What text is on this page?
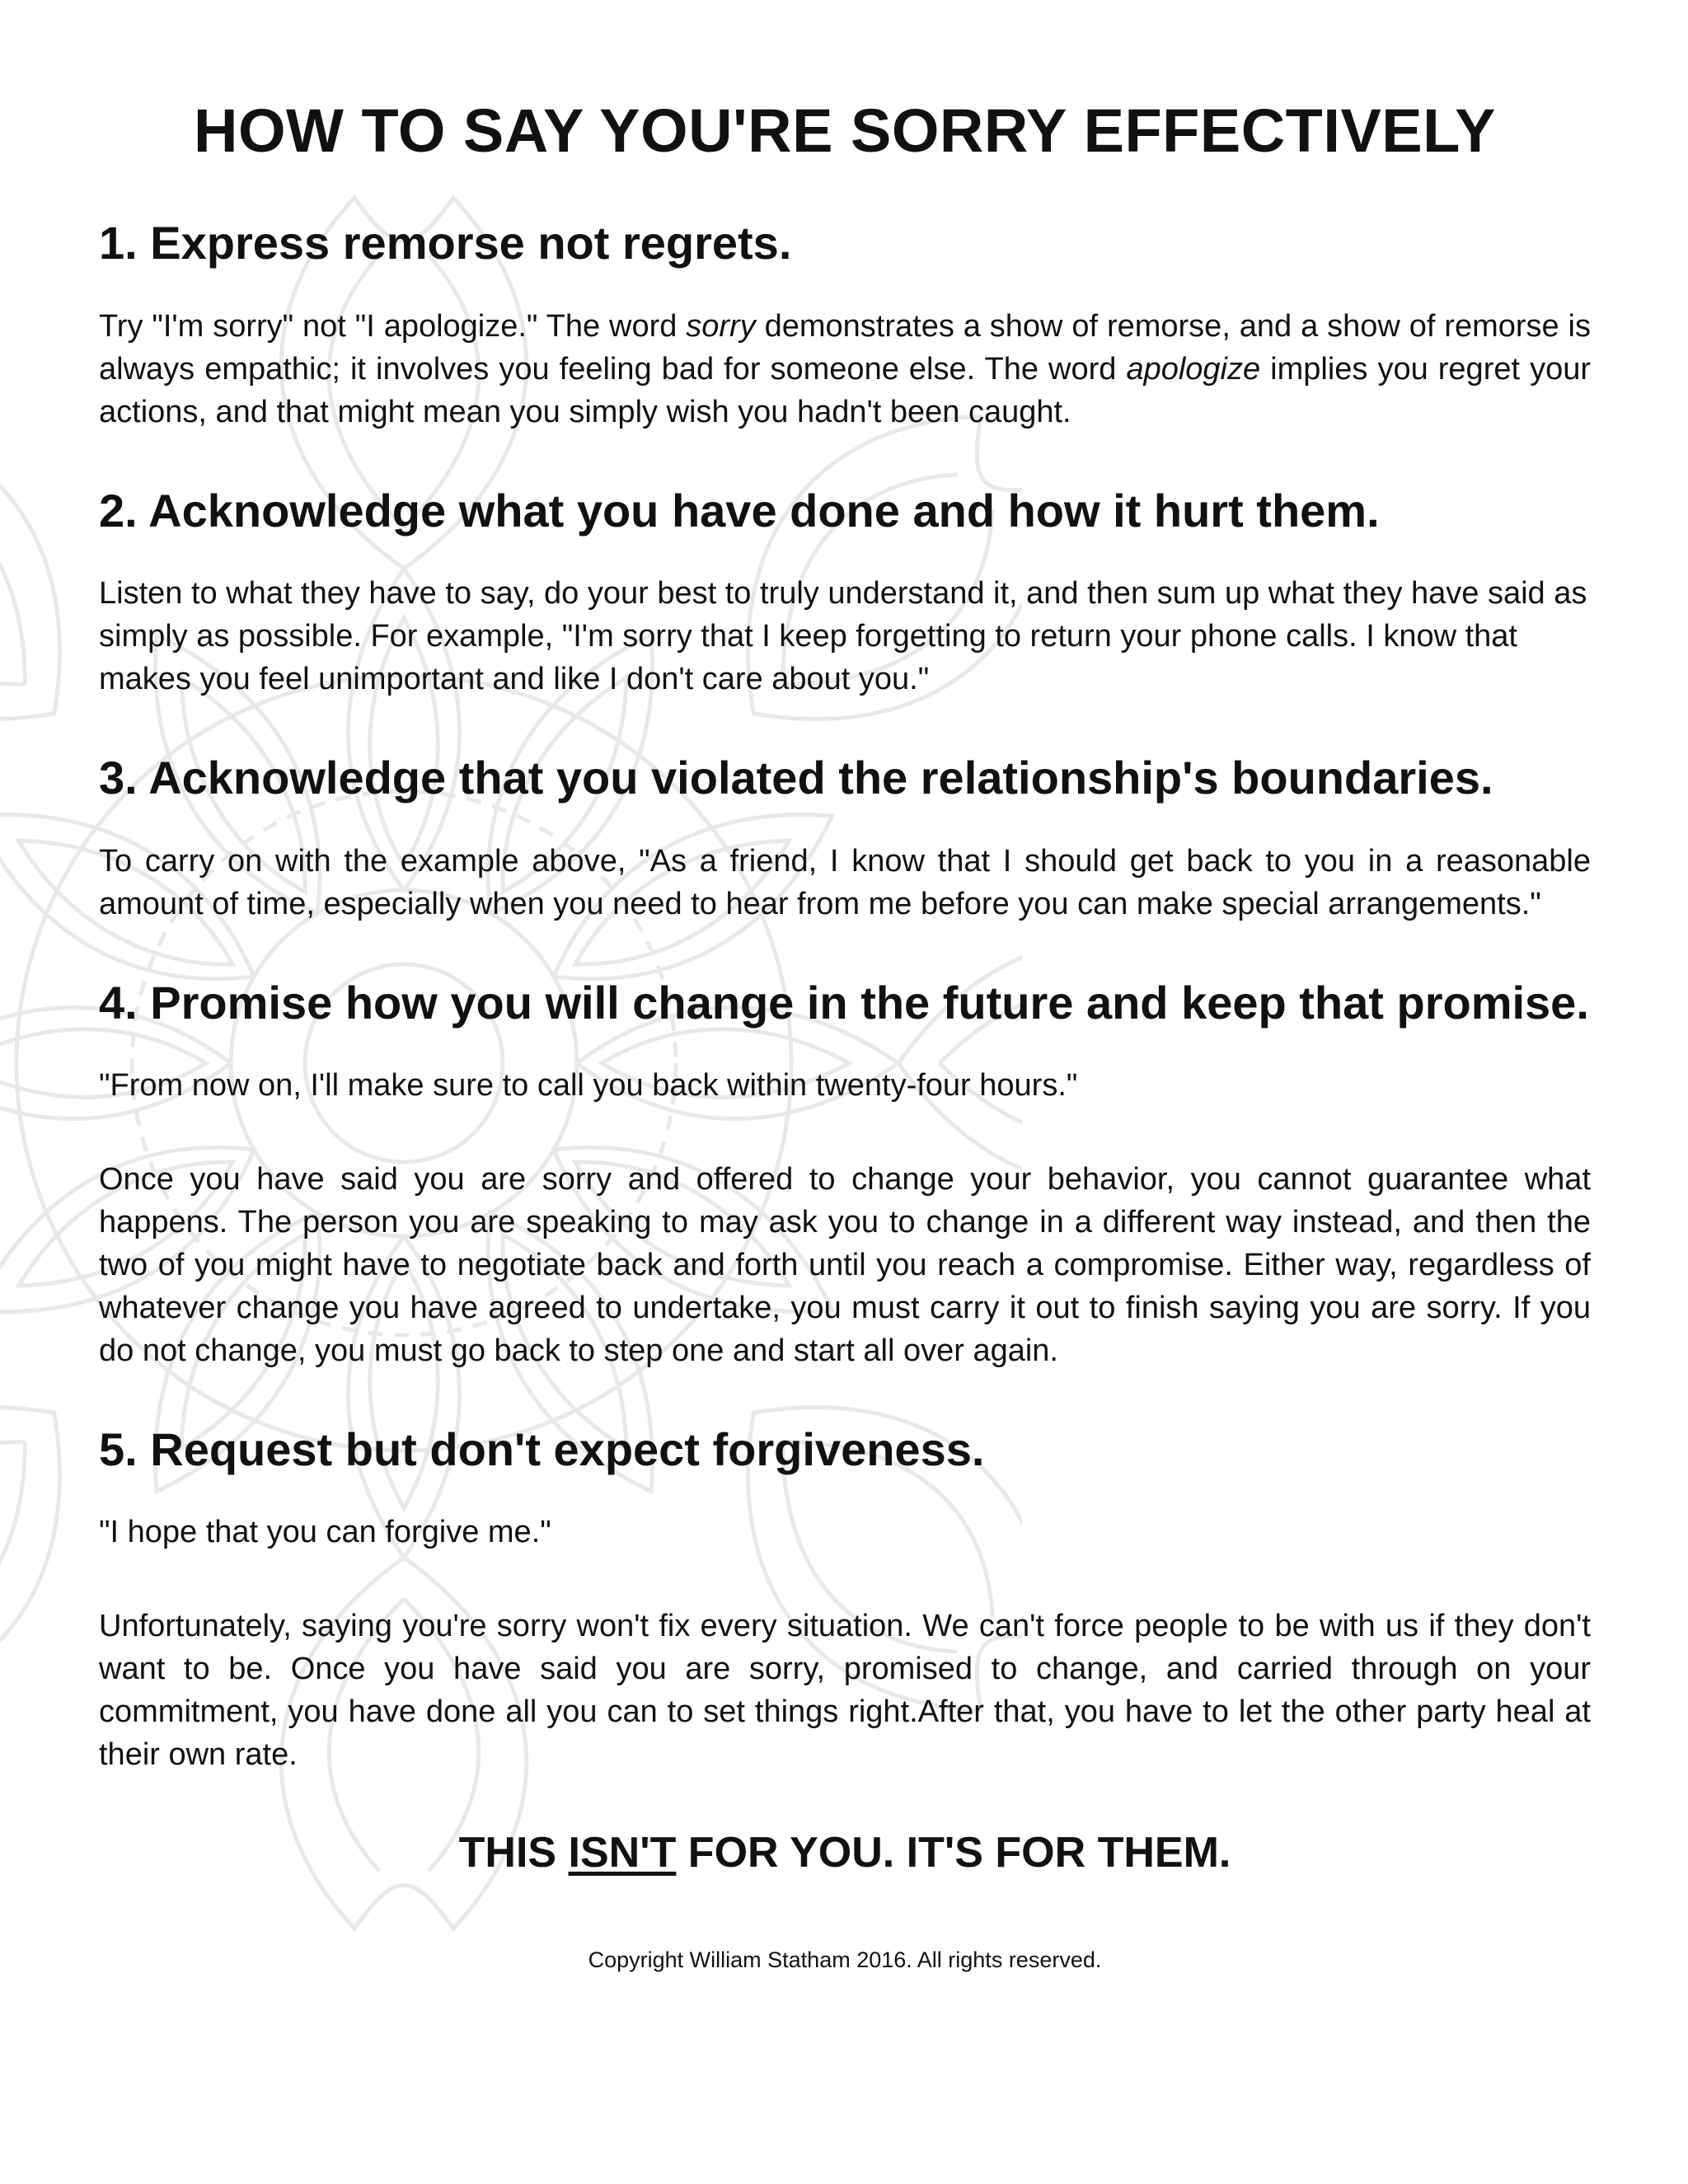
HOW TO SAY YOU'RE SORRY EFFECTIVELY
1. Express remorse not regrets.

Try "I'm sorry" not "I apologize." The word sorry demonstrates a show of remorse, and a show of remorse is always empathic; it involves you feeling bad for someone else. The word apologize implies you regret your actions, and that might mean you simply wish you hadn't been caught.

2. Acknowledge what you have done and how it hurt them.

Listen to what they have to say, do your best to truly understand it, and then sum up what they have said as simply as possible. For example, "I'm sorry that I keep forgetting to return your phone calls. I know that makes you feel unimportant and like I don't care about you."

3. Acknowledge that you violated the relationship's boundaries.

To carry on with the example above, "As a friend, I know that I should get back to you in a reasonable amount of time, especially when you need to hear from me before you can make special arrangements."

4. Promise how you will change in the future and keep that promise.

"From now on, I'll make sure to call you back within twenty-four hours."

Once you have said you are sorry and offered to change your behavior, you cannot guarantee what happens. The person you are speaking to may ask you to change in a different way instead, and then the two of you might have to negotiate back and forth until you reach a compromise. Either way, regardless of whatever change you have agreed to undertake, you must carry it out to finish saying you are sorry. If you do not change, you must go back to step one and start all over again.

5. Request but don't expect forgiveness.

"I hope that you can forgive me."

Unfortunately, saying you're sorry won't fix every situation. We can't force people to be with us if they don't want to be. Once you have said you are sorry, promised to change, and carried through on your commitment, you have done all you can to set things right.After that, you have to let the other party heal at their own rate.

THIS ISN'T FOR YOU. IT'S FOR THEM.
Copyright William Statham 2016. All rights reserved.
